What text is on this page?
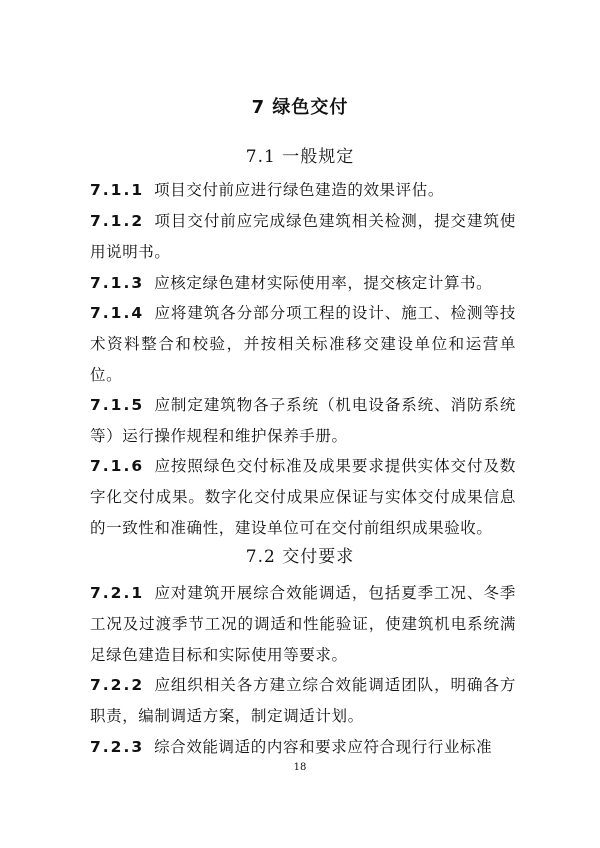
7 绿色交付
7.1 一般规定
7.1.1 项目交付前应进行绿色建造的效果评估。
7.1.2 项目交付前应完成绿色建筑相关检测，提交建筑使用说明书。
7.1.3 应核定绿色建材实际使用率，提交核定计算书。
7.1.4 应将建筑各分部分项工程的设计、施工、检测等技术资料整合和校验，并按相关标准移交建设单位和运营单位。
7.1.5 应制定建筑物各子系统（机电设备系统、消防系统等）运行操作规程和维护保养手册。
7.1.6 应按照绿色交付标准及成果要求提供实体交付及数字化交付成果。数字化交付成果应保证与实体交付成果信息的一致性和准确性，建设单位可在交付前组织成果验收。
7.2 交付要求
7.2.1 应对建筑开展综合效能调适，包括夏季工况、冬季工况及过渡季节工况的调适和性能验证，使建筑机电系统满足绿色建造目标和实际使用等要求。
7.2.2 应组织相关各方建立综合效能调适团队，明确各方职责，编制调适方案，制定调适计划。
7.2.3 综合效能调适的内容和要求应符合现行行业标准
18
